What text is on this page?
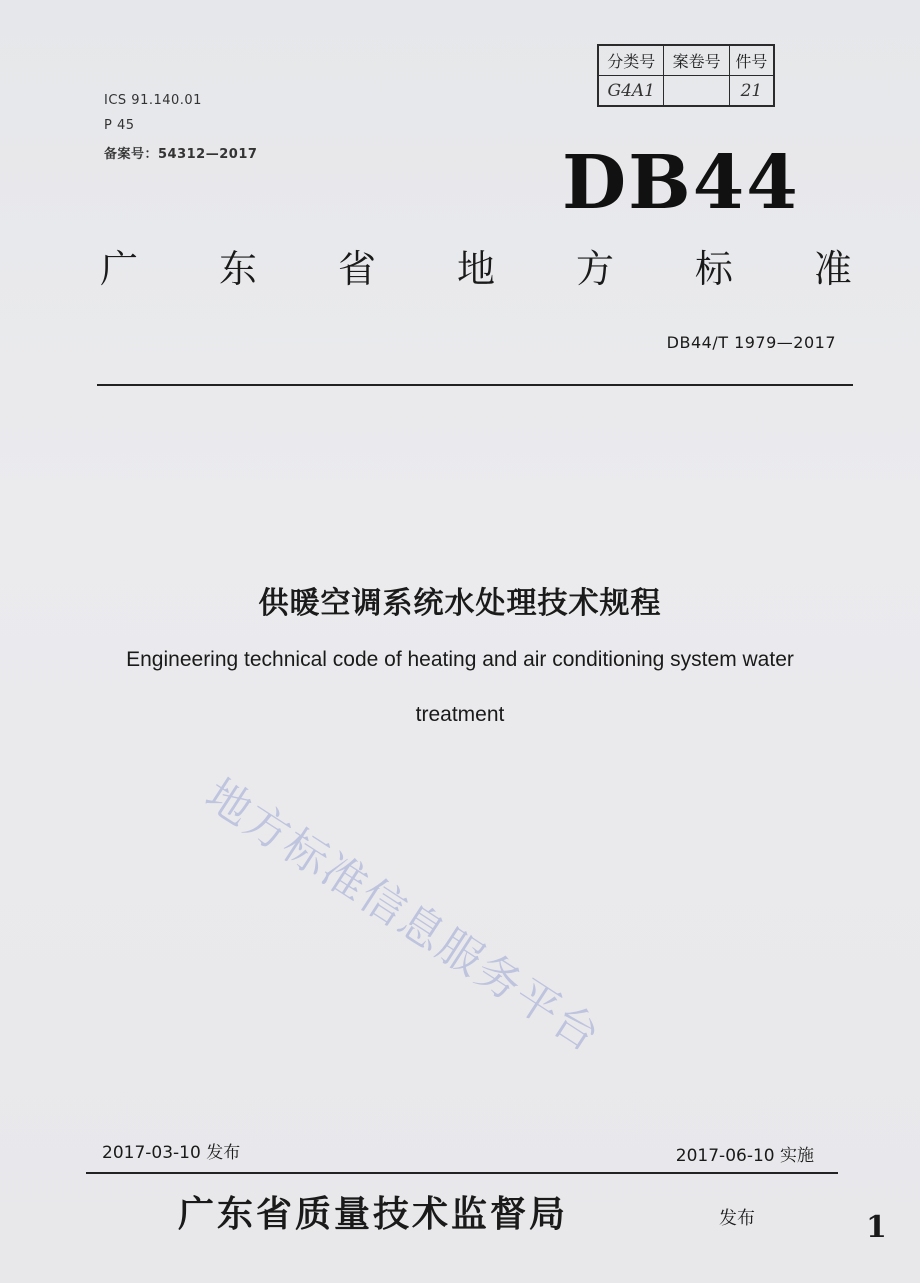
ICS 91.140.01
P 45
备案号：54312—2017
分类号	案卷号	件号
G4A1		21
DB44
广 东 省 地 方 标 准
DB44/T 1979—2017
供暖空调系统水处理技术规程
Engineering technical code of heating and air conditioning system water
treatment
地方标准信息服务平台
2017-03-10 发布	2017-06-10 实施
广东省质量技术监督局	发布	1
